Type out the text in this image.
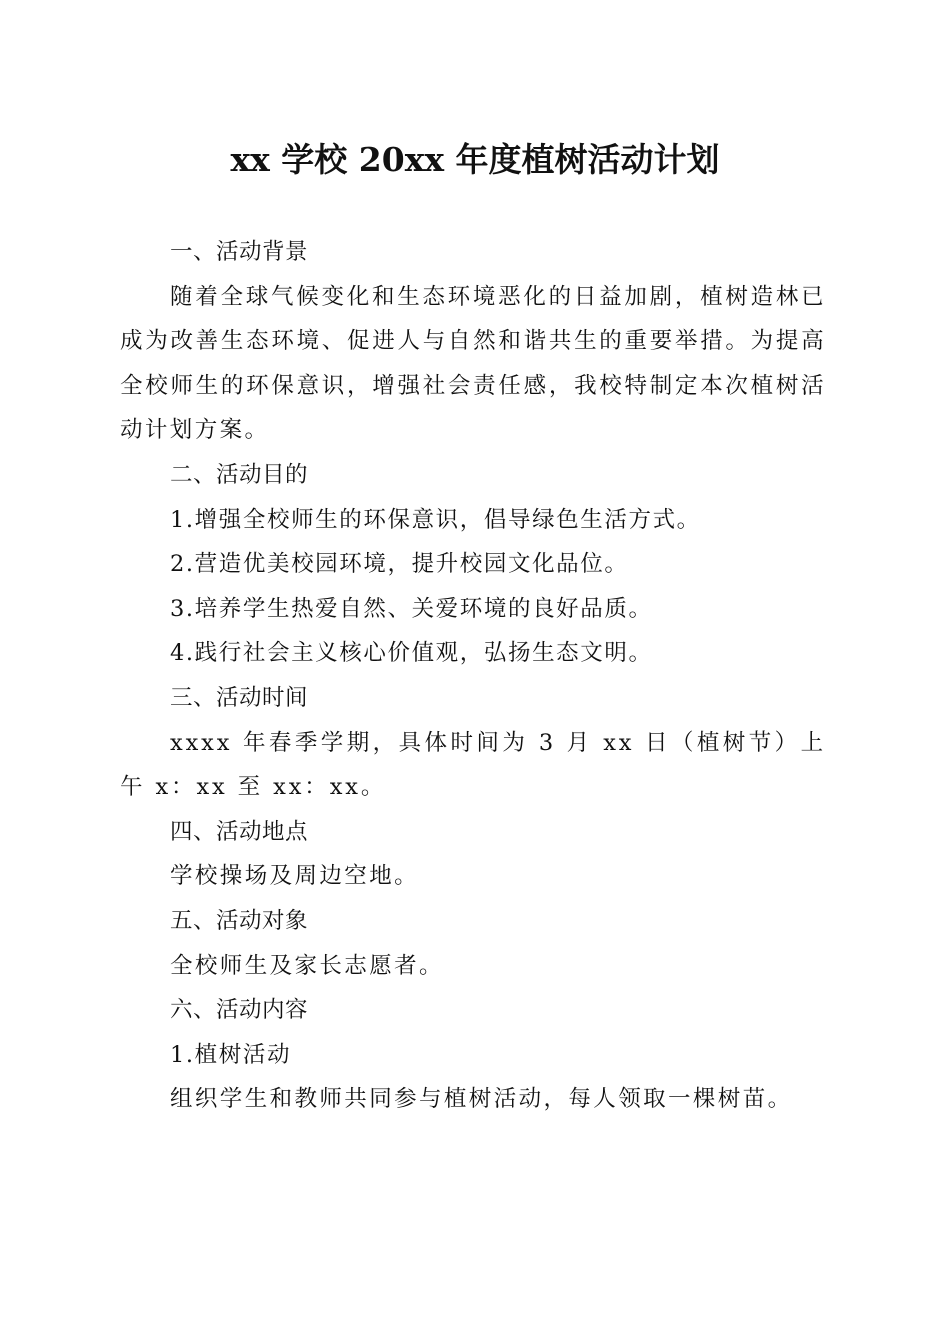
xx 学校 20xx 年度植树活动计划
一、活动背景

随着全球气候变化和生态环境恶化的日益加剧，植树造林已成为改善生态环境、促进人与自然和谐共生的重要举措。为提高全校师生的环保意识，增强社会责任感，我校特制定本次植树活动计划方案。

二、活动目的

1.增强全校师生的环保意识，倡导绿色生活方式。

2.营造优美校园环境，提升校园文化品位。

3.培养学生热爱自然、关爱环境的良好品质。

4.践行社会主义核心价值观，弘扬生态文明。

三、活动时间

xxxx 年春季学期，具体时间为 3 月 xx 日（植树节）上午 x：xx 至 xx：xx。

四、活动地点

学校操场及周边空地。

五、活动对象

全校师生及家长志愿者。

六、活动内容

1.植树活动

组织学生和教师共同参与植树活动，每人领取一棵树苗。
